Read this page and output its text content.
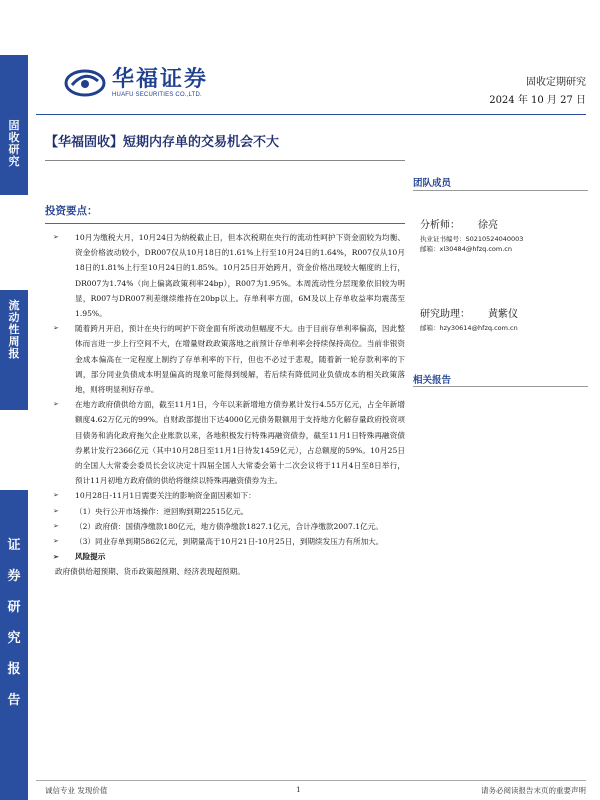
固
收
研
究
流
动
性
周
报
证
券
研
究
报
告
华福证券
HUAFU SECURITIES CO.,LTD.
固收定期研究
2024 年 10 月 27 日
【华福固收】短期内存单的交易机会不大
团队成员
分析师： 徐亮
执业证书编号：S0210524040003
邮箱：xl30484@hfzq.com.cn
研究助理： 黄紫仪
邮箱：hzy30614@hfzq.com.cn
相关报告
投资要点：
➢ 10月为缴税大月，10月24日为纳税截止日，但本次税期在央行的流动性呵护下资金面较为均衡、资金价格波动较小，DR007仅从10月18日的1.61%上行至10月24日的1.64%，R007仅从10月18日的1.81%上行至10月24日的1.85%。10月25日开始跨月，资金价格出现较大幅度的上行，DR007为1.74%（向上偏离政策利率24bp），R007为1.95%。本周流动性分层现象依旧较为明显，R007与DR007利差继续维持在20bp以上。存单利率方面，6M及以上存单收益率均震荡至1.95%。
➢ 随着跨月开启，预计在央行的呵护下资金面有所波动但幅度不大。由于目前存单利率偏高，因此整体而言进一步上行空间不大，在增量财政政策落地之前预计存单利率会持续保持高位。当前非银资金成本偏高在一定程度上制约了存单利率的下行，但也不必过于悲观，随着新一轮存款利率的下调，部分同业负债成本明显偏高的现象可能得到缓解，若后续有降低同业负债成本的相关政策落地，则将明显利好存单。
➢ 在地方政府债供给方面，截至11月1日，今年以来新增地方债券累计发行4.55万亿元，占全年新增额度4.62万亿元的99%。自财政部提出下达4000亿元债务限额用于支持地方化解存量政府投资项目债务和消化政府拖欠企业账款以来，各地积极发行特殊再融资债券，截至11月1日特殊再融资债券累计发行2366亿元（其中10月28日至11月1日待发1459亿元），占总额度的59%。10月25日的全国人大常委会委员长会议决定十四届全国人大常委会第十二次会议将于11月4日至8日举行，预计11月初地方政府债的供给将继续以特殊再融资债券为主。
➢ 10月28日-11月1日需要关注的影响资金面因素如下：
➢ （1）央行公开市场操作：逆回购到期22515亿元。
➢ （2）政府债：国债净缴款180亿元，地方债净缴款1827.1亿元，合计净缴款2007.1亿元。
➢ （3）同业存单到期5862亿元，到期量高于10月21日-10月25日，到期续发压力有所加大。
➢ 风险提示
政府债供给超预期、货币政策超预期、经济表现超预期。
诚信专业 发现价值	1	请务必阅读报告末页的重要声明
